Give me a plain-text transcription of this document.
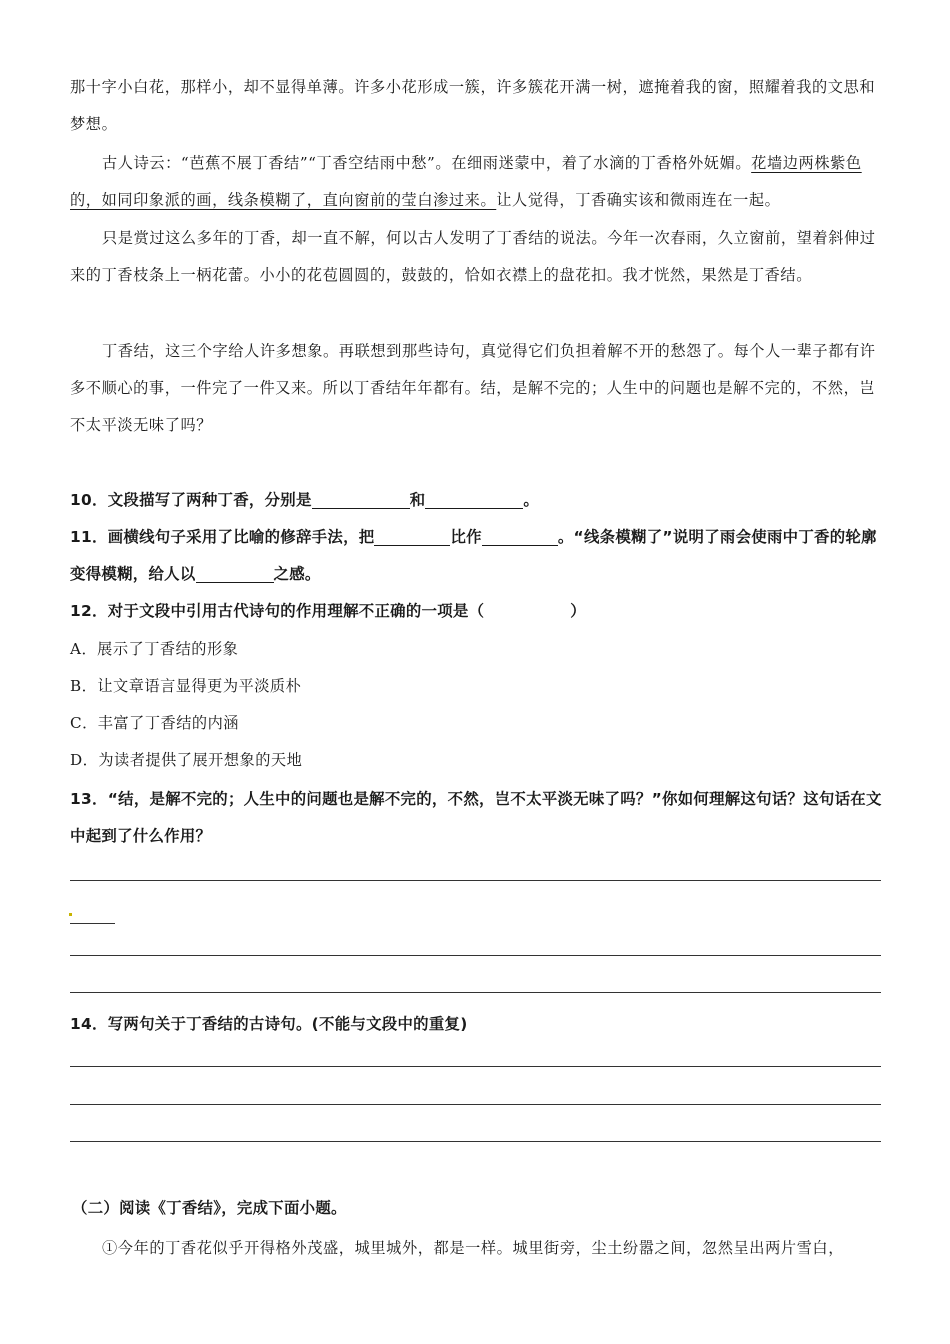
那十字小白花，那样小，却不显得单薄。许多小花形成一簇，许多簇花开满一树，遮掩着我的窗，照耀着我的文思和梦想。
古人诗云：“芭蕉不展丁香结”“丁香空结雨中愁”。在细雨迷蒙中，着了水滴的丁香格外妩媚。花墙边两株紫色的，如同印象派的画，线条模糊了，直向窗前的莹白渗过来。让人觉得，丁香确实该和微雨连在一起。
只是赏过这么多年的丁香，却一直不解，何以古人发明了丁香结的说法。今年一次春雨，久立窗前，望着斜伸过来的丁香枝条上一柄花蕾。小小的花苞圆圆的，鼓鼓的，恰如衣襟上的盘花扣。我才恍然，果然是丁香结。
丁香结，这三个字给人许多想象。再联想到那些诗句，真觉得它们负担着解不开的愁怨了。每个人一辈子都有许多不顺心的事，一件完了一件又来。所以丁香结年年都有。结，是解不完的；人生中的问题也是解不完的，不然，岂不太平淡无味了吗？
10．文段描写了两种丁香，分别是	和	。
11．画横线句子采用了比喻的修辞手法，把	比作	。“线条模糊了”说明了雨会使雨中丁香的轮廓变得模糊，给人以	之感。
12．对于文段中引用古代诗句的作用理解不正确的一项是（	）
A．展示了丁香结的形象
B．让文章语言显得更为平淡质朴
C．丰富了丁香结的内涵
D．为读者提供了展开想象的天地
13．“结，是解不完的；人生中的问题也是解不完的，不然，岂不太平淡无味了吗？”你如何理解这句话？这句话在文中起到了什么作用？
14．写两句关于丁香结的古诗句。(不能与文段中的重复)
（二）阅读《丁香结》，完成下面小题。
①今年的丁香花似乎开得格外茂盛，城里城外，都是一样。城里街旁，尘土纷嚣之间，忽然呈出两片雪白，
